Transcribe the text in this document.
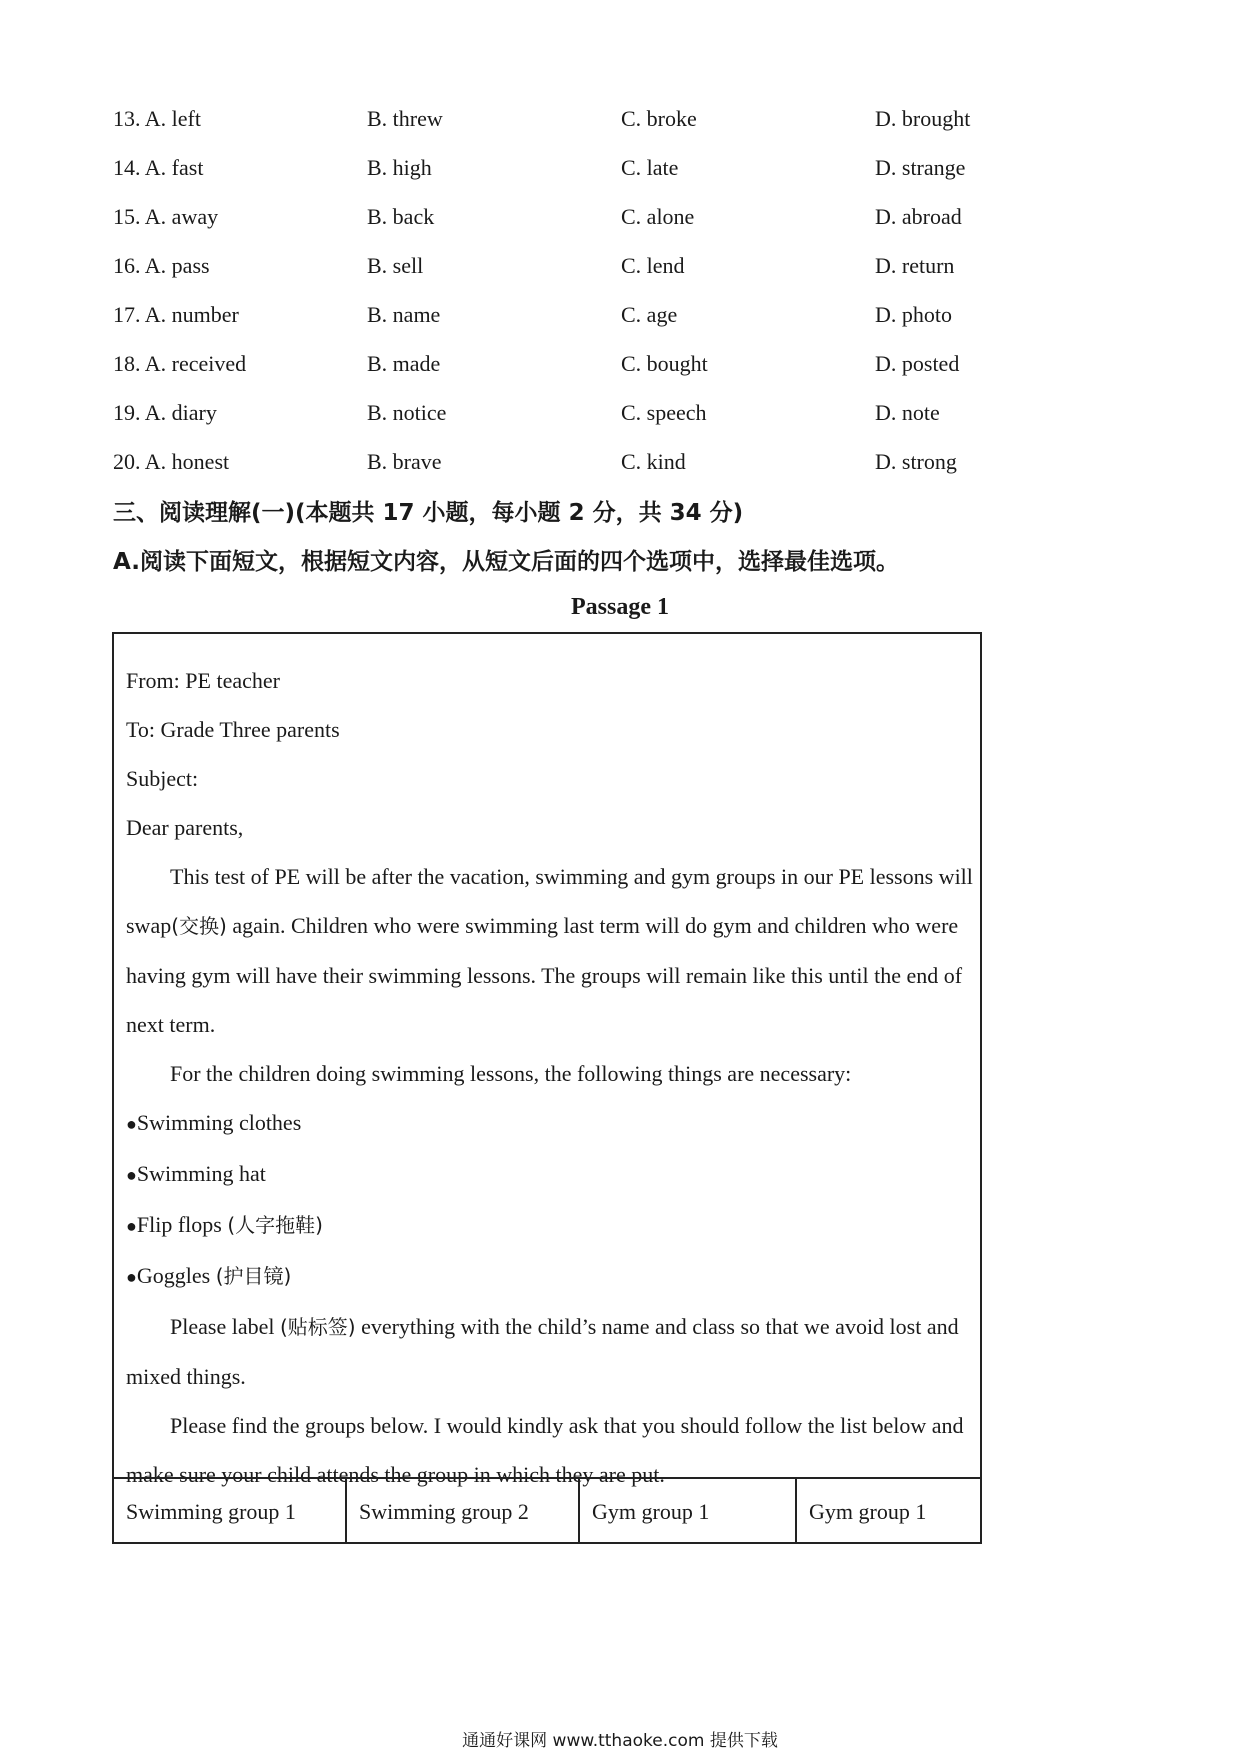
13. A. left	B. threw	C. broke	D. brought
14. A. fast	B. high	C. late	D. strange
15. A. away	B. back	C. alone	D. abroad
16. A. pass	B. sell	C. lend	D. return
17. A. number	B. name	C. age	D. photo
18. A. received	B. made	C. bought	D. posted
19. A. diary	B. notice	C. speech	D. note
20. A. honest	B. brave	C. kind	D. strong
三、阅读理解(一)(本题共 17 小题，每小题 2 分，共 34 分)
A.阅读下面短文，根据短文内容，从短文后面的四个选项中，选择最佳选项。
Passage 1

From: PE teacher

To: Grade Three parents

Subject:

Dear parents,

This test of PE will be after the vacation, swimming and gym groups in our PE lessons will swap(交换) again. Children who were swimming last term will do gym and children who were having gym will have their swimming lessons. The groups will remain like this until the end of next term.

For the children doing swimming lessons, the following things are necessary:

● Swimming clothes
● Swimming hat
● Flip flops (人字拖鞋)
● Goggles (护目镜)

Please label (贴标签) everything with the child’s name and class so that we avoid lost and mixed things.

Please find the groups below. I would kindly ask that you should follow the list below and make sure your child attends the group in which they are put.

Swimming group 1	Swimming group 2	Gym group 1	Gym group 1
通通好课网 www.tthaoke.com 提供下载
